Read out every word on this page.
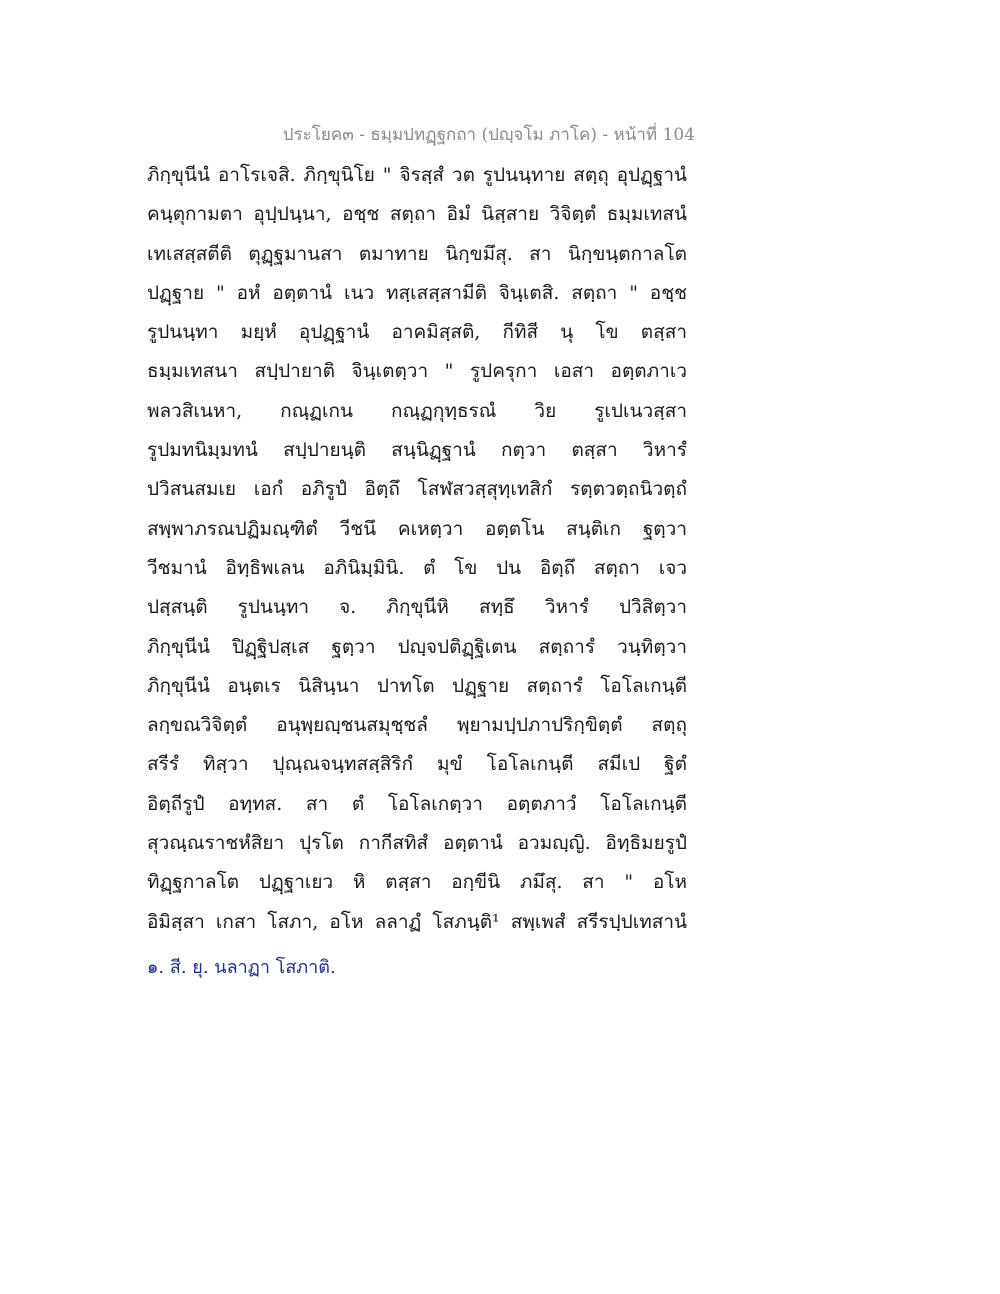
ประโยค๓ - ธมฺมปทฏฺฐกถา (ปญฺจโม ภาโค) - หน้าที่ 104
ภิกฺขุนีนํ อาโรเจสิ. ภิกฺขุนิโย " จิรสฺสํ วต รูปนนฺทาย สตฺถุ อุปฏฺฐานํ
คนฺตุกามตา อุปฺปนฺนา, อชฺช สตฺถา อิมํ นิสฺสาย วิจิตฺตํ ธมฺมเทสนํ
เทเสสฺสตีติ ตุฏฺฐมานสา ตมาทาย นิกฺขมึสุ. สา นิกฺขนฺตกาลโต
ปฏฺฐาย " อหํ อตฺตานํ เนว ทสฺเสสฺสามีติ จินฺเตสิ. สตฺถา " อชฺช
รูปนนฺทา มยฺหํ อุปฏฺฐานํ อาคมิสฺสติ, กีทิสี นุ โข ตสฺสา
ธมฺมเทสนา สปฺปายาติ จินฺเตตฺวา " รูปครุกา เอสา อตฺตภาเว
พลวสิเนหา, กณฺฏเกน กณฺฏกุทฺธรณํ วิย รูเปเนวสฺสา
รูปมทนิมฺมทนํ สปฺปายนฺติ สนฺนิฏฺฐานํ กตฺวา ตสฺสา วิหารํ
ปวิสนสมเย เอกํ อภิรูปํ อิตฺถึ โสฬสวสฺสุทฺเทสิกํ รตฺตวตฺถนิวตฺถํ
สพฺพาภรณปฏิมณฺฑิตํ วีชนึ คเหตฺวา อตฺตโน สนฺติเก ฐตฺวา
วีชมานํ อิทฺธิพเลน อภินิมฺมินิ. ตํ โข ปน อิตฺถึ สตฺถา เจว
ปสฺสนฺติ รูปนนฺทา จ. ภิกฺขุนีหิ สทฺธึ วิหารํ ปวิสิตฺวา
ภิกฺขุนีนํ ปิฏฺฐิปสฺเส ฐตฺวา ปญฺจปติฏฺฐิเตน สตฺถารํ วนฺทิตฺวา
ภิกฺขุนีนํ อนฺตเร นิสินฺนา ปาทโต ปฏฺฐาย สตฺถารํ โอโลเกนฺตี
ลกฺขณวิจิตฺตํ อนุพฺยญฺชนสมุชฺชลํ พฺยามปฺปภาปริกฺขิตฺตํ สตฺถุ
สรีรํ ทิสฺวา ปุณฺณจนฺทสสฺสิริกํ มุขํ โอโลเกนฺตี สมีเป ฐิตํ
อิตฺถีรูปํ อทฺทส. สา ตํ โอโลเกตฺวา อตฺตภาวํ โอโลเกนฺตี
สุวณฺณราชหํสิยา ปุรโต กากีสทิสํ อตฺตานํ อวมญฺญิ. อิทฺธิมยรูปํ
ทิฏฺฐกาลโต ปฏฺฐาเยว หิ ตสฺสา อกฺขีนิ ภมึสุ. สา " อโห
อิมิสฺสา เกสา โสภา, อโห ลลาฏํ โสภนฺติ¹ สพฺเพสํ สรีรปฺปเทสานํ
๑. สี. ยุ. นลาฏา โสภาติ.
